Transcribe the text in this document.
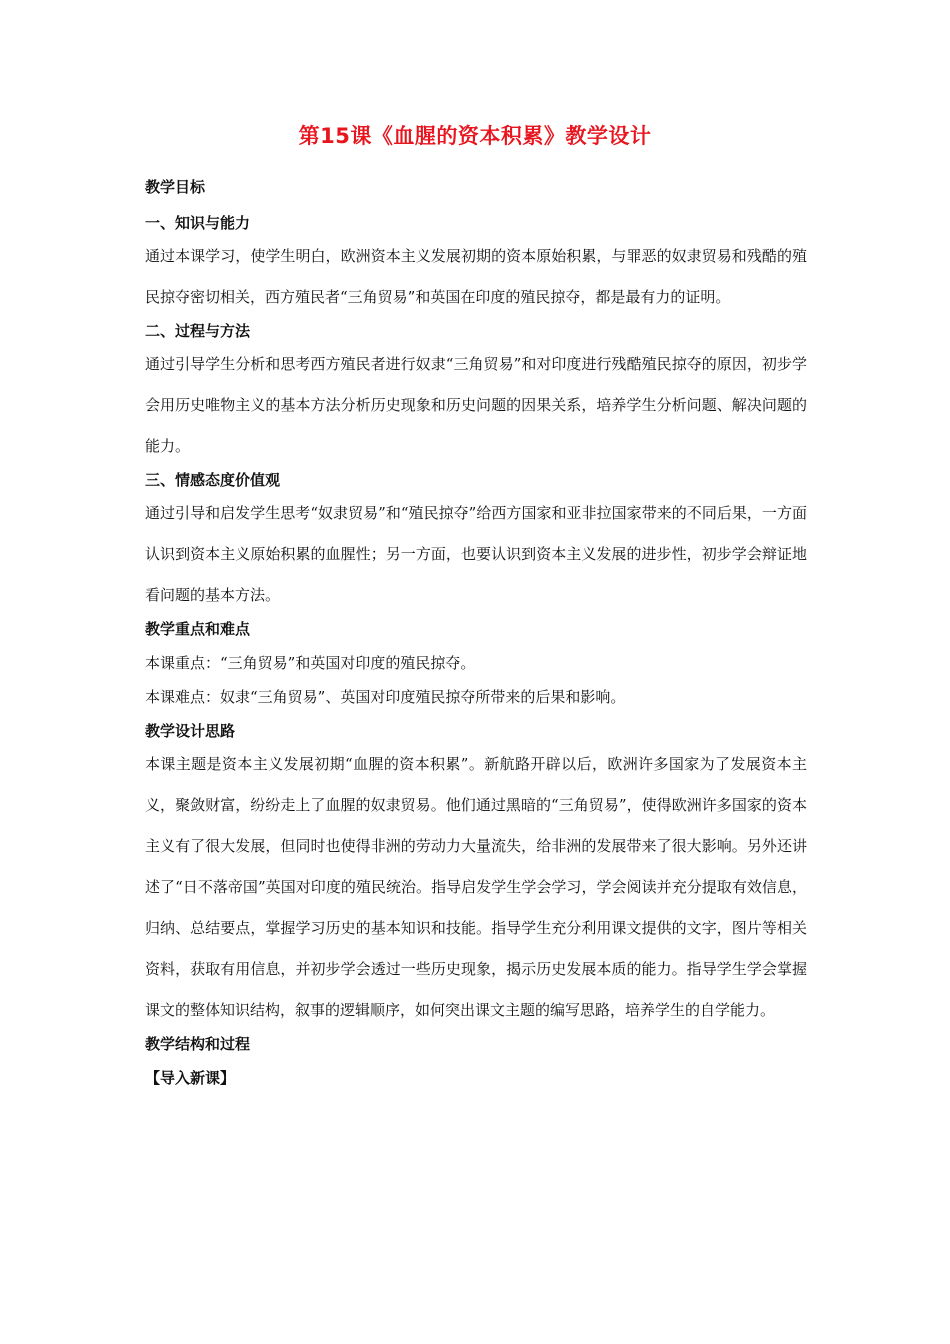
第15课《血腥的资本积累》教学设计
教学目标
一、知识与能力
通过本课学习，使学生明白，欧洲资本主义发展初期的资本原始积累，与罪恶的奴隶贸易和残酷的殖民掠夺密切相关，西方殖民者“三角贸易”和英国在印度的殖民掠夺，都是最有力的证明。
二、过程与方法
通过引导学生分析和思考西方殖民者进行奴隶“三角贸易”和对印度进行残酷殖民掠夺的原因，初步学会用历史唯物主义的基本方法分析历史现象和历史问题的因果关系，培养学生分析问题、解决问题的能力。
三、情感态度价值观
通过引导和启发学生思考“奴隶贸易”和“殖民掠夺”给西方国家和亚非拉国家带来的不同后果，一方面认识到资本主义原始积累的血腥性；另一方面，也要认识到资本主义发展的进步性，初步学会辩证地看问题的基本方法。
教学重点和难点
本课重点：“三角贸易”和英国对印度的殖民掠夺。
本课难点：奴隶“三角贸易”、英国对印度殖民掠夺所带来的后果和影响。
教学设计思路
本课主题是资本主义发展初期“血腥的资本积累”。新航路开辟以后，欧洲许多国家为了发展资本主义，聚敛财富，纷纷走上了血腥的奴隶贸易。他们通过黑暗的“三角贸易”，使得欧洲许多国家的资本主义有了很大发展，但同时也使得非洲的劳动力大量流失，给非洲的发展带来了很大影响。另外还讲述了“日不落帝国”英国对印度的殖民统治。指导启发学生学会学习，学会阅读并充分提取有效信息，归纳、总结要点，掌握学习历史的基本知识和技能。指导学生充分利用课文提供的文字，图片等相关资料，获取有用信息，并初步学会透过一些历史现象，揭示历史发展本质的能力。指导学生学会掌握课文的整体知识结构，叙事的逻辑顺序，如何突出课文主题的编写思路，培养学生的自学能力。
教学结构和过程
【导入新课】
